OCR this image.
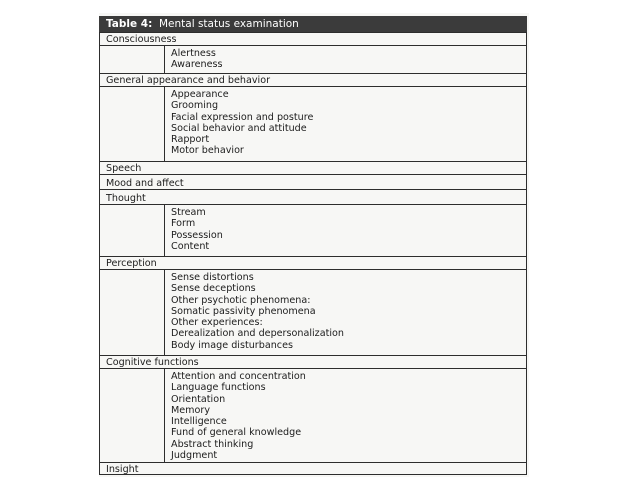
Table 4: Mental status examination
Consciousness
Alertness
Awareness
General appearance and behavior
Appearance
Grooming
Facial expression and posture
Social behavior and attitude
Rapport
Motor behavior
Speech
Mood and affect
Thought
Stream
Form
Possession
Content
Perception
Sense distortions
Sense deceptions
Other psychotic phenomena:
Somatic passivity phenomena
Other experiences:
Derealization and depersonalization
Body image disturbances
Cognitive functions
Attention and concentration
Language functions
Orientation
Memory
Intelligence
Fund of general knowledge
Abstract thinking
Judgment
Insight
